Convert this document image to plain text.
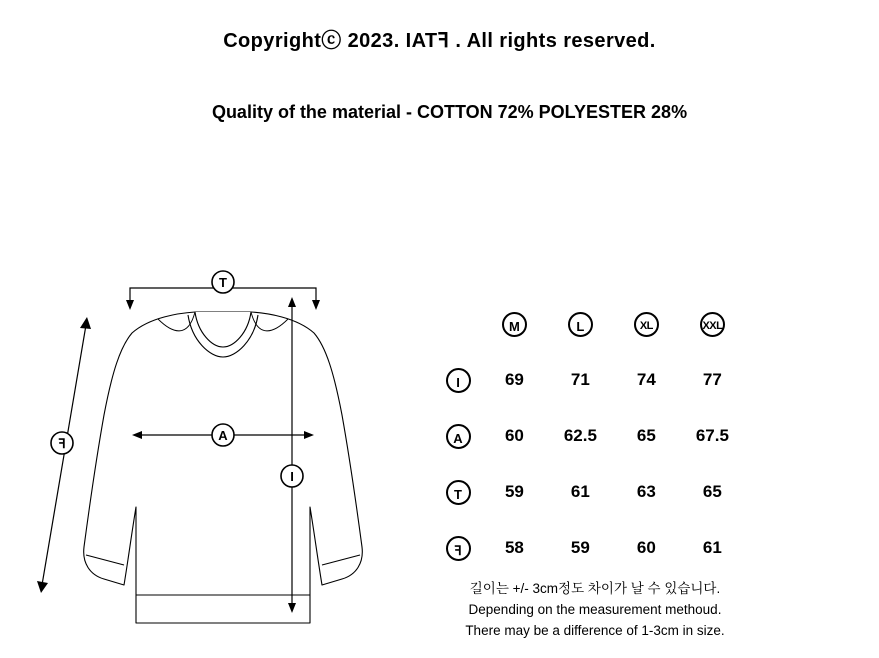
Copyrightⓒ 2023. IATꟻ . All rights reserved.

Quality of the material - COTTON 72% POLYESTER 28%

T
A
I
ꟻ
	M	L	XL	XXL
I	69	71	74	77
A	60	62.5	65	67.5
T	59	61	63	65
ꟻ	58	59	60	61
길이는 +/- 3cm정도 차이가 날 수 있습니다.
Depending on the measurement methoud.
There may be a difference of 1-3cm in size.
